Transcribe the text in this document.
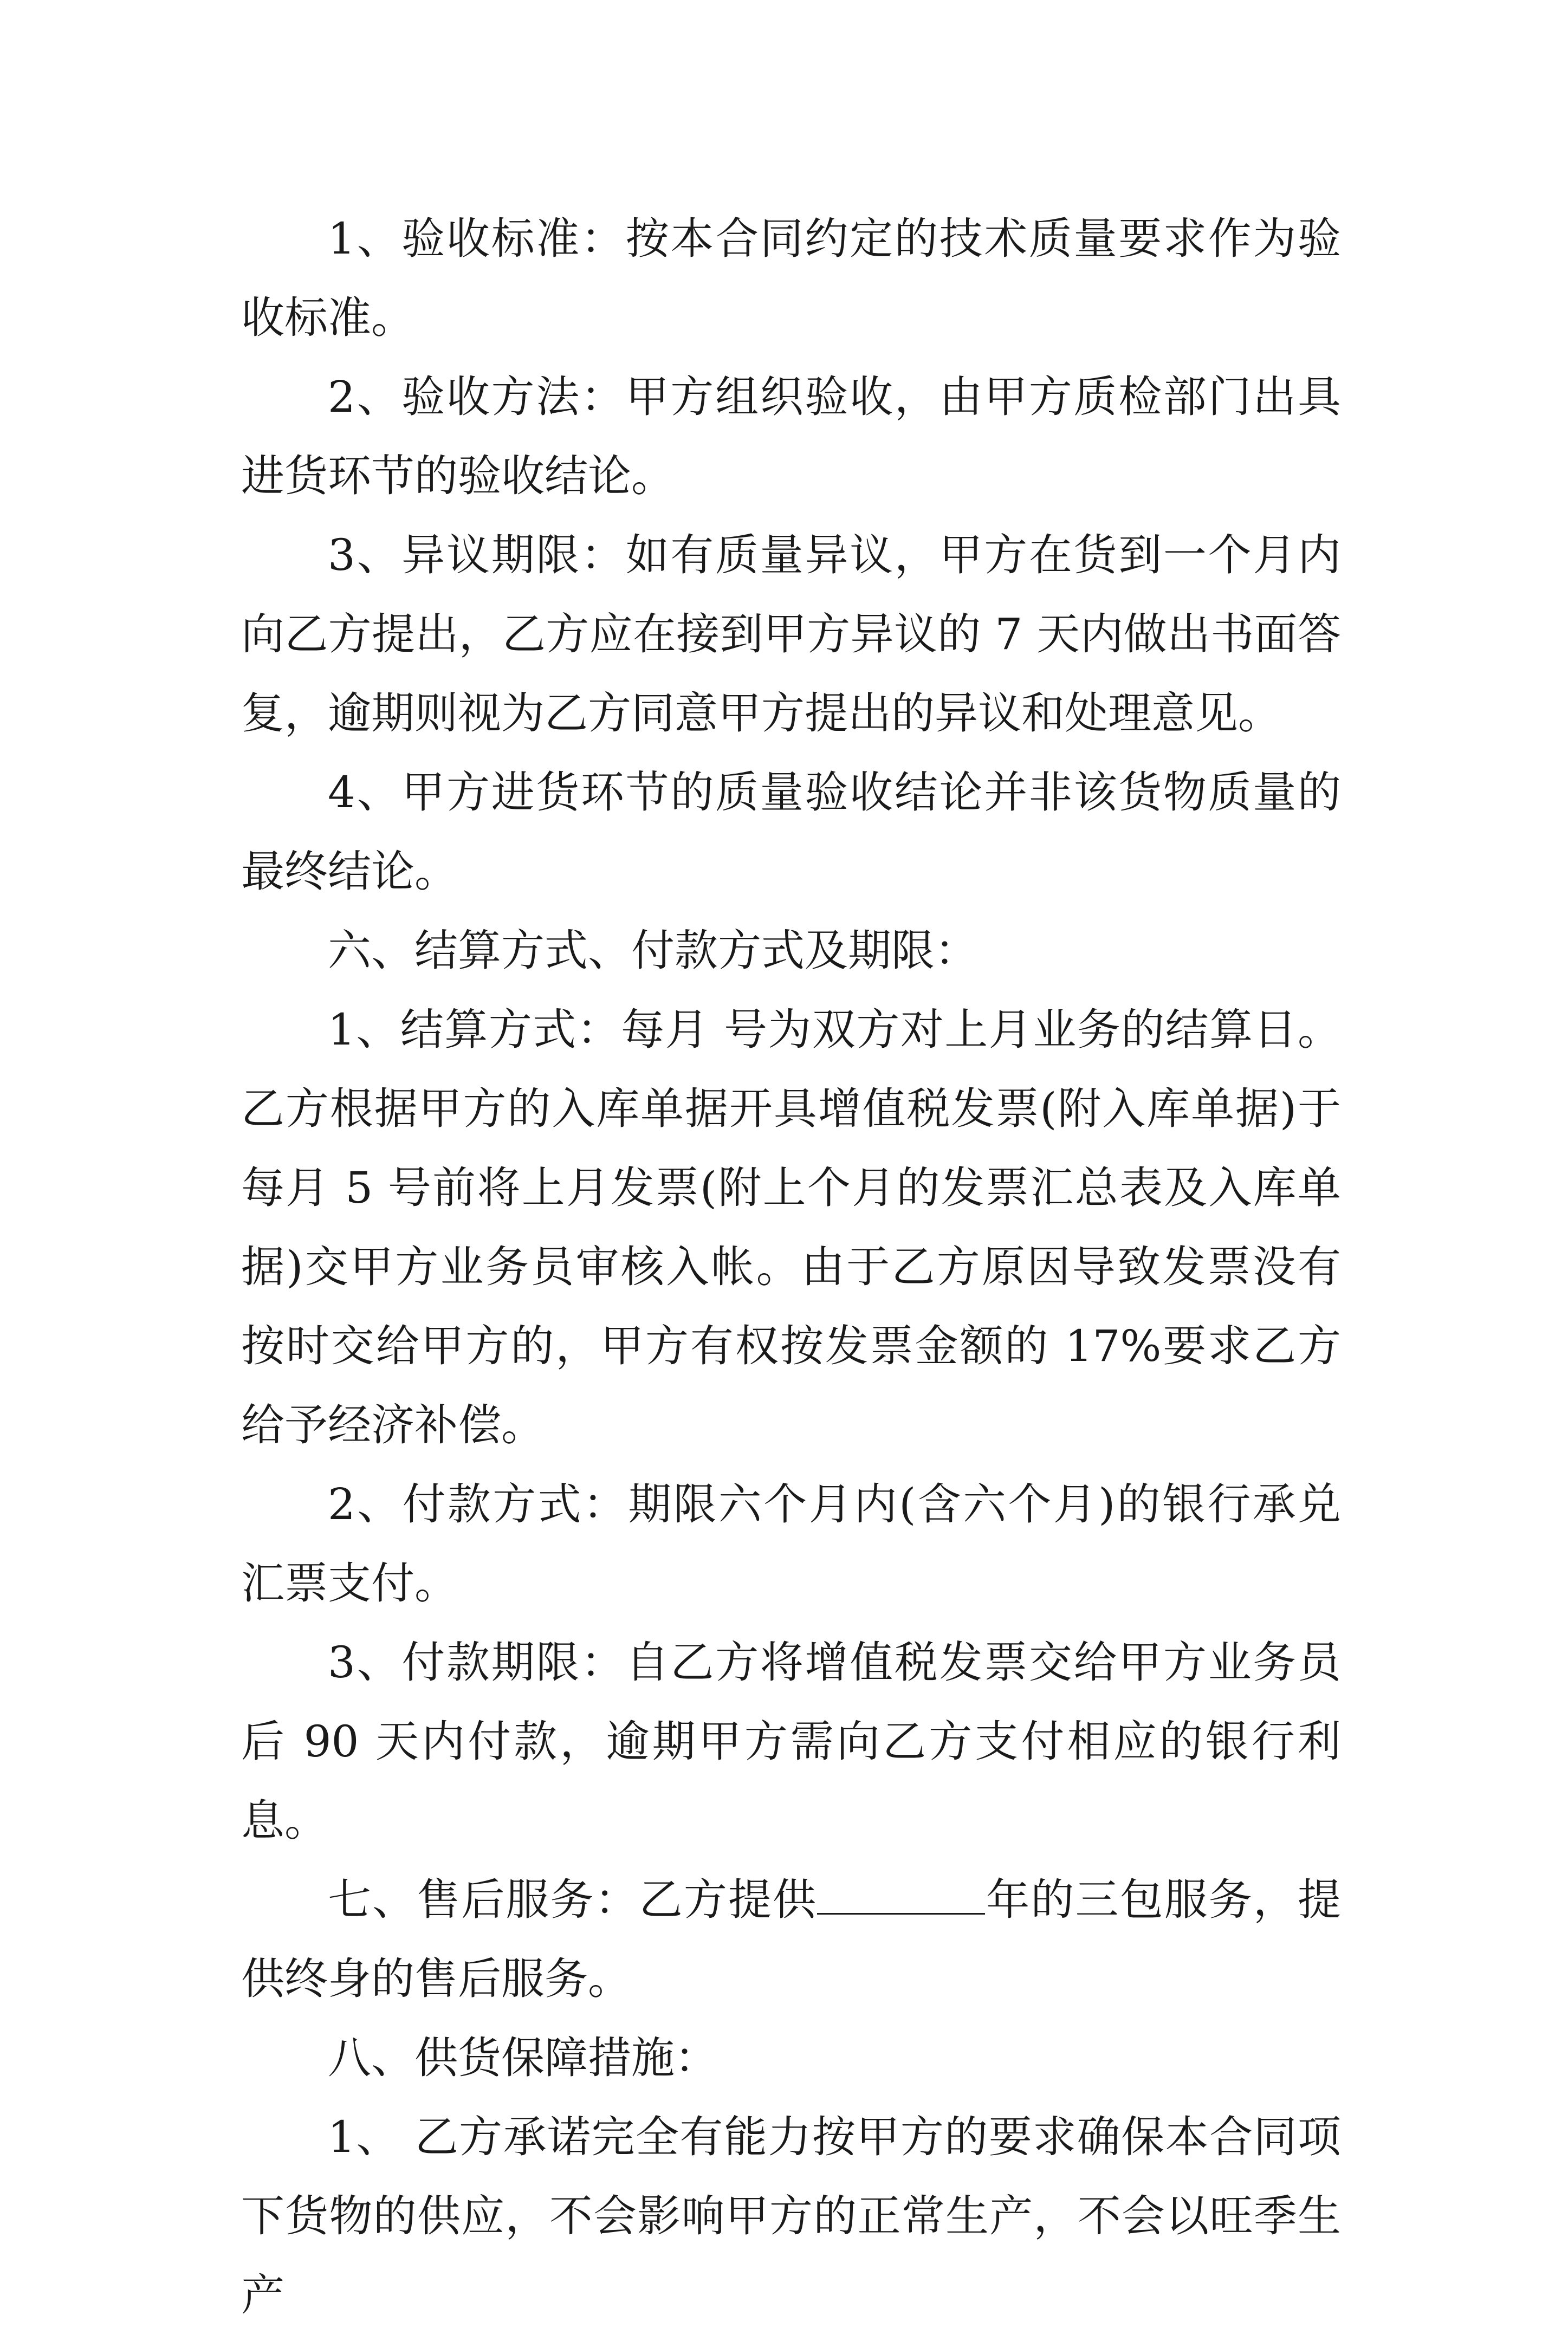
1、验收标准：按本合同约定的技术质量要求作为验收标准。

2、验收方法：甲方组织验收，由甲方质检部门出具进货环节的验收结论。

3、异议期限：如有质量异议，甲方在货到一个月内向乙方提出，乙方应在接到甲方异议的 7 天内做出书面答复，逾期则视为乙方同意甲方提出的异议和处理意见。

4、甲方进货环节的质量验收结论并非该货物质量的最终结论。

六、结算方式、付款方式及期限：

1、结算方式：每月 号为双方对上月业务的结算日。乙方根据甲方的入库单据开具增值税发票(附入库单据)于每月 5 号前将上月发票(附上个月的发票汇总表及入库单据)交甲方业务员审核入帐。由于乙方原因导致发票没有按时交给甲方的，甲方有权按发票金额的 17%要求乙方给予经济补偿。

2、付款方式：期限六个月内(含六个月)的银行承兑汇票支付。

3、付款期限：自乙方将增值税发票交给甲方业务员后 90 天内付款，逾期甲方需向乙方支付相应的银行利息。

七、售后服务：乙方提供	年的三包服务，提供终身的售后服务。

八、供货保障措施：

1、 乙方承诺完全有能力按甲方的要求确保本合同项下货物的供应，不会影响甲方的正常生产，不会以旺季生产
